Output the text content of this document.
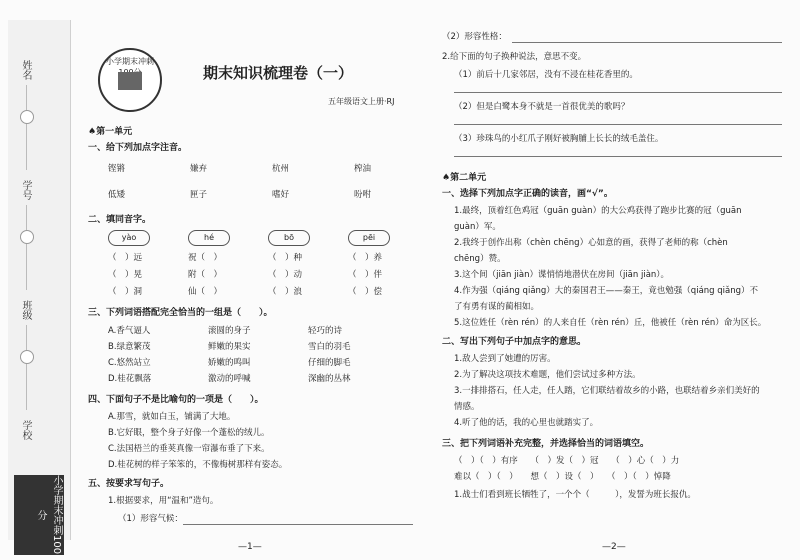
姓名
学号
班级
学校
小学期末冲刺100分
小学期末冲刺
期末知识梳理卷（一）
五年级语文上册·RJ
♠第一单元
一、给下列加点字注音。
铿锵	嫌弃	杭州	榨油
低矮	匣子	嗜好	吩咐
二、填同音字。
yào	hé	bō	pēi
（　）远	祝（　）	（　）种	（　）养
（　）晃	附（　）	（　）动	（　）伴
（　）洞	仙（　）	（　）浪	（　）偿
三、下列词语搭配完全恰当的一组是（　　）。
A.香气逼人	滚圆的身子	轻巧的诗
B.绿意繁茂	鲜嫩的果实	雪白的羽毛
C.悠然站立	娇嫩的鸣叫	仔细的脚毛
D.桂花飘落	激动的呼喊	深幽的丛林
四、下面句子不是比喻句的一项是（　　）。
A.那雪，就如白玉，铺满了大地。
B.它好眼，整个身子好像一个蓬松的绒儿。
C.法国梧兰的垂荚真像一帘瀑布垂了下来。
D.桂花树的样子笨笨的，不像梅树那样有姿态。
五、按要求写句子。
1.根据要求，用“温和”造句。
（1）形容气候：
—1—
（2）形容性格：
2.给下面的句子换种说法，意思不变。
（1）前后十几家邻居，没有不浸在桂花香里的。
（2）但是白鹭本身不就是一首很优美的歌吗？
（3）珍珠鸟的小红爪子刚好被胸脯上长长的绒毛盖住。
♠第二单元
一、选择下列加点字正确的读音，画“√”。
1.最终，顶着红色鸡冠（guān guàn）的大公鸡获得了跑步比赛的冠（guān
guàn）军。
2.我终于创作出称（chèn chēng）心如意的画，获得了老师的称（chèn
chēng）赞。
3.这个间（jiān jiàn）谍悄悄地潜伏在房间（jiān jiàn）。
4.作为强（qiáng qiǎng）大的秦国君王——秦王，竟也勉强（qiáng qiǎng）不
了有勇有谋的蔺相如。
5.这位姓任（rèn rén）的人来自任（rèn rén）丘，他被任（rèn rén）命为区长。
二、写出下列句子中加点字的意思。
1.敌人尝到了她遭的厉害。
2.为了解决这项技术难题，他们尝试过多种方法。
3.一排排搭石，任人走，任人踏，它们联结着故乡的小路，也联结着乡亲们美好的
情感。
4.听了他的话，我的心里也就踏实了。
三、把下列词语补充完整，并选择恰当的词语填空。
（　）（　）有序　　（　）发（　）冠　　（　）心（　）力
难以（　）（　）　　想（　）设（　）　　（　）（　）悼降
1.战士们看到班长牺牲了，一个个（　　　），发誓为班长报仇。
—2—
